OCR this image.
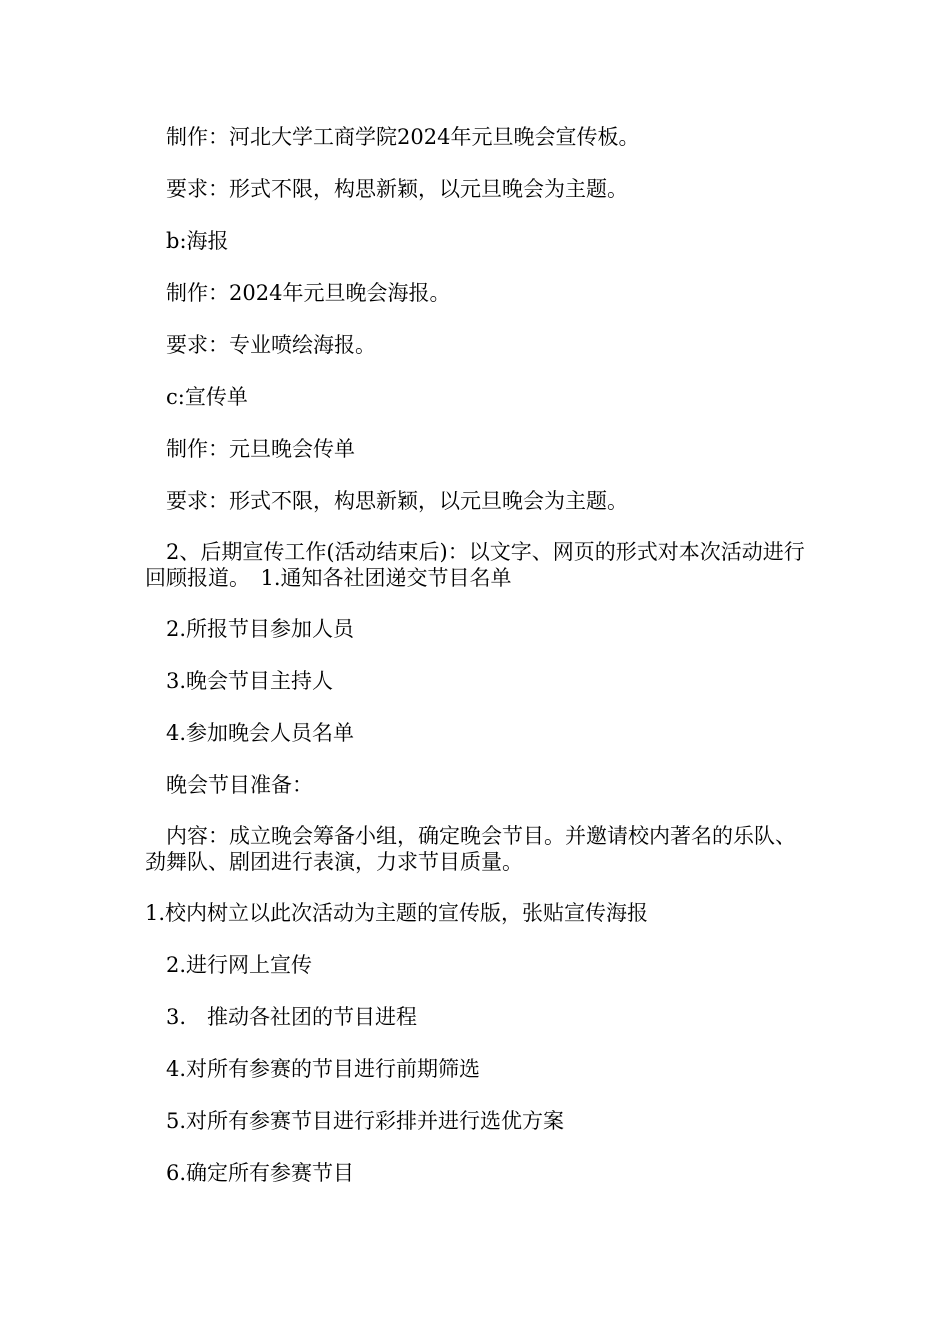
　制作：河北大学工商学院2024年元旦晚会宣传板。

　要求：形式不限，构思新颖，以元旦晚会为主题。

　b:海报

　制作：2024年元旦晚会海报。

　要求：专业喷绘海报。

　c:宣传单

　制作：元旦晚会传单

　要求：形式不限，构思新颖，以元旦晚会为主题。

　2、后期宣传工作(活动结束后)：以文字、网页的形式对本次活动进行回顾报道。　1.通知各社团递交节目名单

　2.所报节目参加人员

　3.晚会节目主持人

　4.参加晚会人员名单

　晚会节目准备：

　内容：成立晚会筹备小组，确定晚会节目。并邀请校内著名的乐队、劲舞队、剧团进行表演，力求节目质量。

1.校内树立以此次活动为主题的宣传版，张贴宣传海报

　2.进行网上宣传

　3.　推动各社团的节目进程

　4.对所有参赛的节目进行前期筛选

　5.对所有参赛节目进行彩排并进行选优方案

　6.确定所有参赛节目
